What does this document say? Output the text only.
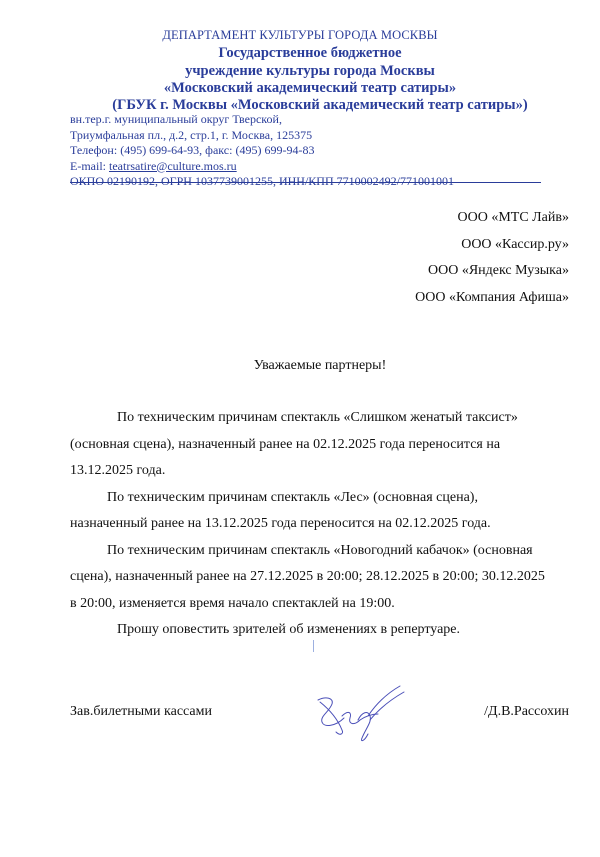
ДЕПАРТАМЕНТ КУЛЬТУРЫ ГОРОДА МОСКВЫ
Государственное бюджетное
учреждение культуры города Москвы
«Московский академический театр сатиры»
(ГБУК г. Москвы «Московский академический театр сатиры»)
вн.тер.г. муниципальный округ Тверской,
Триумфальная пл., д.2, стр.1, г. Москва, 125375
Телефон: (495) 699-64-93, факс: (495) 699-94-83
E-mail: teatrsatire@culture.mos.ru
ОКПО 02190192, ОГРН 1037739001255, ИНН/КПП 7710002492/771001001
ООО «МТС Лайв»
ООО «Кассир.ру»
ООО «Яндекс Музыка»
ООО «Компания Афиша»
Уважаемые партнеры!

По техническим причинам спектакль «Слишком женатый таксист» (основная сцена), назначенный ранее на 02.12.2025 года переносится на 13.12.2025 года.

По техническим причинам спектакль «Лес» (основная сцена), назначенный ранее на 13.12.2025 года переносится на 02.12.2025 года.

По техническим причинам спектакль «Новогодний кабачок» (основная сцена), назначенный ранее на 27.12.2025 в 20:00; 28.12.2025 в 20:00; 30.12.2025 в 20:00, изменяется время начало спектаклей на 19:00.

Прошу оповестить зрителей об изменениях в репертуаре.

Зав.билетными кассами	/Д.В.Рассохин
